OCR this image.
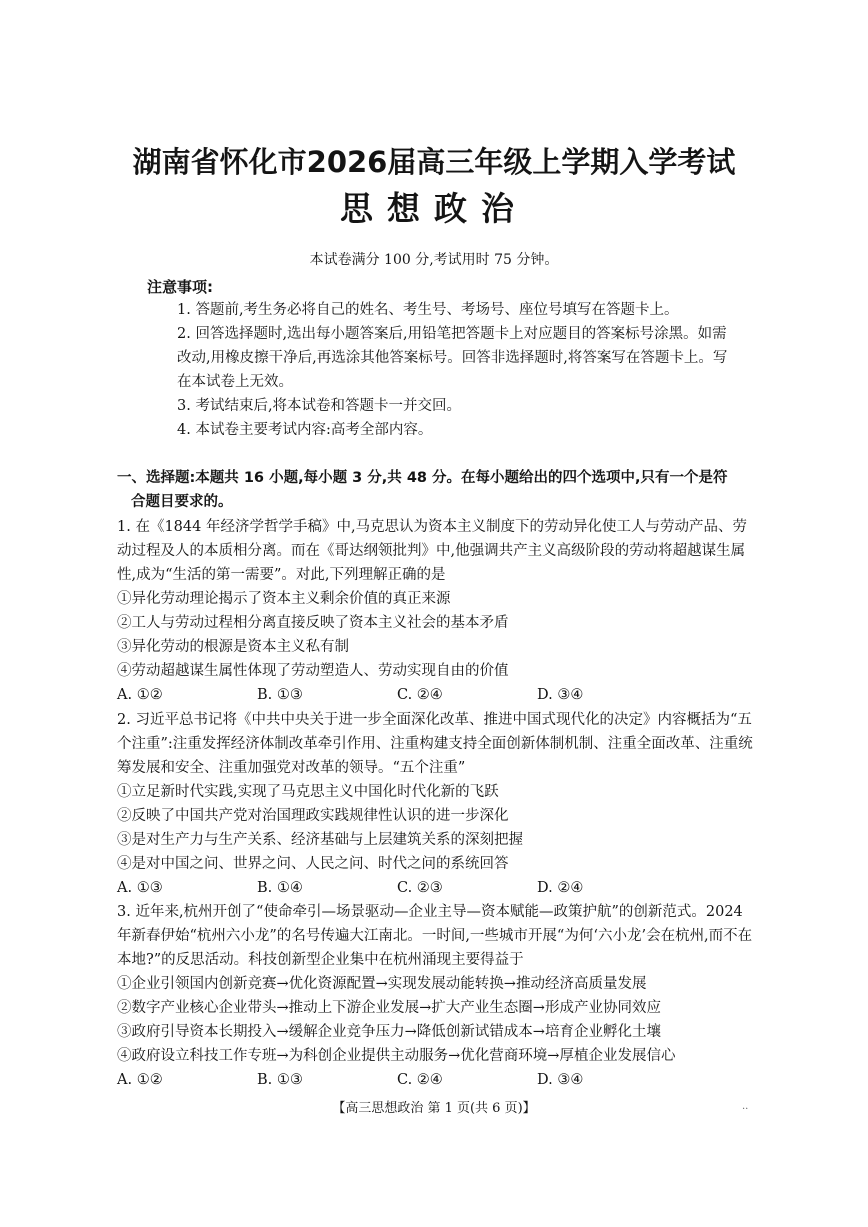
湖南省怀化市2026届高三年级上学期入学考试
思想政治
本试卷满分 100 分,考试用时 75 分钟。
注意事项:
1. 答题前,考生务必将自己的姓名、考生号、考场号、座位号填写在答题卡上。
2. 回答选择题时,选出每小题答案后,用铅笔把答题卡上对应题目的答案标号涂黑。如需改动,用橡皮擦干净后,再选涂其他答案标号。回答非选择题时,将答案写在答题卡上。写在本试卷上无效。
3. 考试结束后,将本试卷和答题卡一并交回。
4. 本试卷主要考试内容:高考全部内容。
一、选择题:本题共 16 小题,每小题 3 分,共 48 分。在每小题给出的四个选项中,只有一个是符
合题目要求的。
1. 在《1844 年经济学哲学手稿》中,马克思认为资本主义制度下的劳动异化使工人与劳动产品、劳动过程及人的本质相分离。而在《哥达纲领批判》中,他强调共产主义高级阶段的劳动将超越谋生属性,成为“生活的第一需要”。对此,下列理解正确的是
①异化劳动理论揭示了资本主义剩余价值的真正来源
②工人与劳动过程相分离直接反映了资本主义社会的基本矛盾
③异化劳动的根源是资本主义私有制
④劳动超越谋生属性体现了劳动塑造人、劳动实现自由的价值
A. ①②	B. ①③	C. ②④	D. ③④
2. 习近平总书记将《中共中央关于进一步全面深化改革、推进中国式现代化的决定》内容概括为“五个注重”:注重发挥经济体制改革牵引作用、注重构建支持全面创新体制机制、注重全面改革、注重统筹发展和安全、注重加强党对改革的领导。“五个注重”
①立足新时代实践,实现了马克思主义中国化时代化新的飞跃
②反映了中国共产党对治国理政实践规律性认识的进一步深化
③是对生产力与生产关系、经济基础与上层建筑关系的深刻把握
④是对中国之问、世界之问、人民之问、时代之问的系统回答
A. ①③	B. ①④	C. ②③	D. ②④
3. 近年来,杭州开创了“使命牵引—场景驱动—企业主导—资本赋能—政策护航”的创新范式。2024 年新春伊始“杭州六小龙”的名号传遍大江南北。一时间,一些城市开展“为何‘六小龙’会在杭州,而不在本地?”的反思活动。科技创新型企业集中在杭州涌现主要得益于
①企业引领国内创新竞赛→优化资源配置→实现发展动能转换→推动经济高质量发展
②数字产业核心企业带头→推动上下游企业发展→扩大产业生态圈→形成产业协同效应
③政府引导资本长期投入→缓解企业竞争压力→降低创新试错成本→培育企业孵化土壤
④政府设立科技工作专班→为科创企业提供主动服务→优化营商环境→厚植企业发展信心
A. ①②	B. ①③	C. ②④	D. ③④
【高三思想政治 第 1 页(共 6 页)】	..
